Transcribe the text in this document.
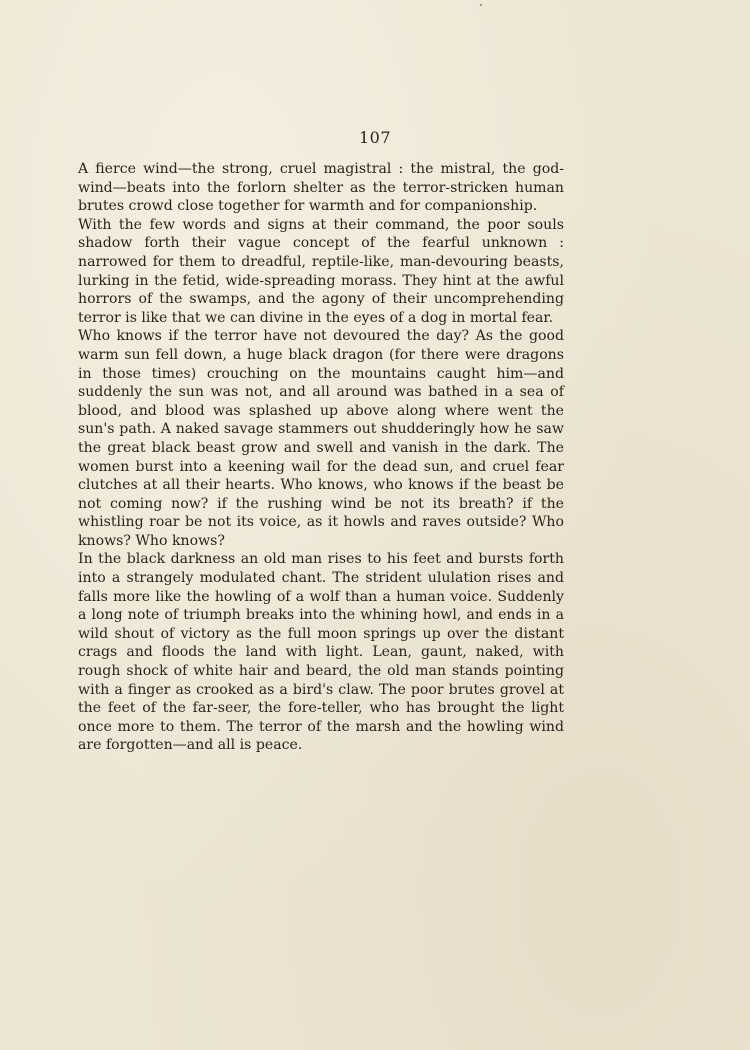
107

A fierce wind—the strong, cruel magistral : the mistral, the god-wind—beats into the forlorn shelter as the terror-stricken human brutes crowd close together for warmth and for companionship.

With the few words and signs at their command, the poor souls shadow forth their vague concept of the fearful unknown : narrowed for them to dreadful, reptile-like, man-devouring beasts, lurking in the fetid, wide-spreading morass. They hint at the awful horrors of the swamps, and the agony of their uncomprehending terror is like that we can divine in the eyes of a dog in mortal fear.

Who knows if the terror have not devoured the day? As the good warm sun fell down, a huge black dragon (for there were dragons in those times) crouching on the mountains caught him—and suddenly the sun was not, and all around was bathed in a sea of blood, and blood was splashed up above along where went the sun's path. A naked savage stammers out shudderingly how he saw the great black beast grow and swell and vanish in the dark. The women burst into a keening wail for the dead sun, and cruel fear clutches at all their hearts. Who knows, who knows if the beast be not coming now? if the rushing wind be not its breath? if the whistling roar be not its voice, as it howls and raves outside? Who knows? Who knows?

In the black darkness an old man rises to his feet and bursts forth into a strangely modulated chant. The strident ululation rises and falls more like the howling of a wolf than a human voice. Suddenly a long note of triumph breaks into the whining howl, and ends in a wild shout of victory as the full moon springs up over the distant crags and floods the land with light. Lean, gaunt, naked, with rough shock of white hair and beard, the old man stands pointing with a finger as crooked as a bird's claw. The poor brutes grovel at the feet of the far-seer, the fore-teller, who has brought the light once more to them. The terror of the marsh and the howling wind are forgotten—and all is peace.
